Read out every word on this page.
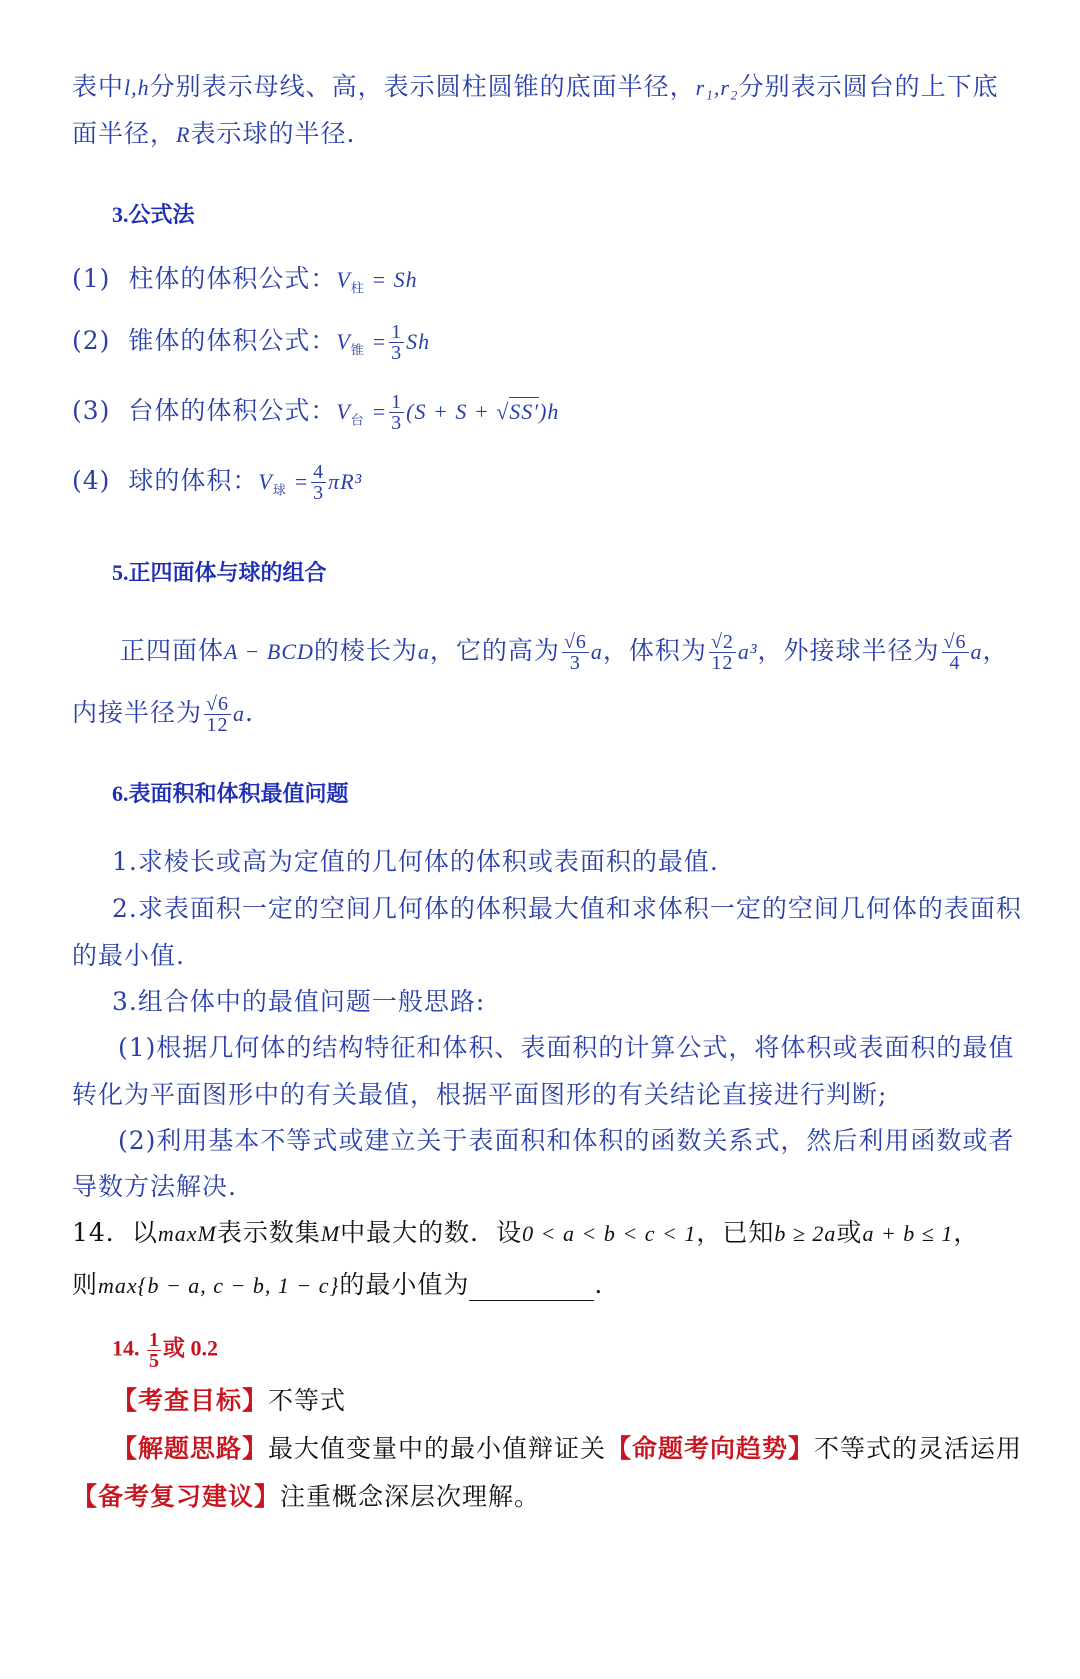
表中l,h分别表示母线、高，表示圆柱圆锥的底面半径，r₁,r₂分别表示圆台的上下底
面半径，R表示球的半径.
3.公式法
(1) 柱体的体积公式：$V_柱 = Sh$
(2) 锥体的体积公式：$V_锥 = \frac{1}{3}$ Sh
(3) 台体的体积公式：$V_台 = \frac{1}{3} (S + S + √SS')h$
(4) 球的体积：$V_球 = \frac{4}{3} \pi R^3$
5.正四面体与球的组合
正四面体A − BCD的棱长为a，它的高为 $\frac{√6}{3}$ a，体积为 $\frac{√2}{12} a^3$，外接球半径为 $\frac{√6}{4}$ a，
内接半径为 $\frac{√6}{12} a$.
6.表面积和体积最值问题
1.求棱长或高为定值的几何体的体积或表面积的最值.
2.求表面积一定的空间几何体的体积最大值和求体积一定的空间几何体的表面积
的最小值.
3.组合体中的最值问题一般思路:
(1)根据几何体的结构特征和体积、表面积的计算公式，将体积或表面积的最值
转化为平面图形中的有关最值，根据平面图形的有关结论直接进行判断;
(2)利用基本不等式或建立关于表面积和体积的函数关系式，然后利用函数或者
导数方法解决.
14．以maxM表示数集M中最大的数．设0 < a < b < c < 1，已知b ≥ 2a或a + b ≤ 1，
则max{b − a, c − b, 1 − c}的最小值为	.
14. $\frac{1}{5}$ 或 0.2
【考查目标】不等式
【解题思路】最大值变量中的最小值辩证关【命题考向趋势】不等式的灵活运用
【备考复习建议】注重概念深层次理解。
